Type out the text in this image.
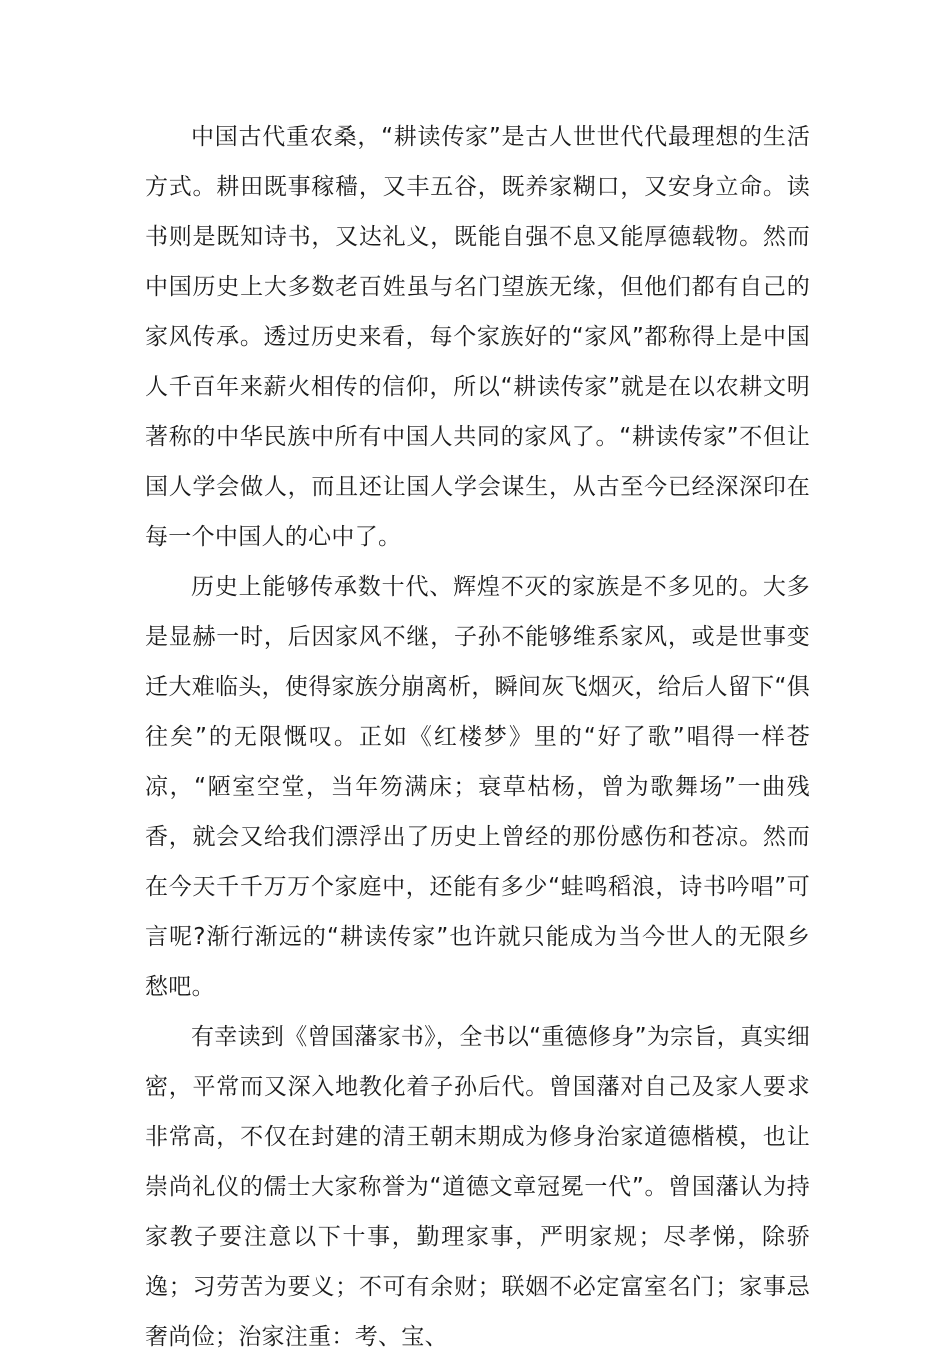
中国古代重农桑，“耕读传家”是古人世世代代最理想的生活方式。耕田既事稼穑，又丰五谷，既养家糊口，又安身立命。读书则是既知诗书，又达礼义，既能自强不息又能厚德载物。然而中国历史上大多数老百姓虽与名门望族无缘，但他们都有自己的家风传承。透过历史来看，每个家族好的“家风”都称得上是中国人千百年来薪火相传的信仰，所以“耕读传家”就是在以农耕文明著称的中华民族中所有中国人共同的家风了。“耕读传家”不但让国人学会做人，而且还让国人学会谋生，从古至今已经深深印在每一个中国人的心中了。

历史上能够传承数十代、辉煌不灭的家族是不多见的。大多是显赫一时，后因家风不继，子孙不能够维系家风，或是世事变迁大难临头，使得家族分崩离析，瞬间灰飞烟灭，给后人留下“俱往矣”的无限慨叹。正如《红楼梦》里的“好了歌”唱得一样苍凉，“陋室空堂，当年笏满床；衰草枯杨，曾为歌舞场”一曲残香，就会又给我们漂浮出了历史上曾经的那份感伤和苍凉。然而在今天千千万万个家庭中，还能有多少“蛙鸣稻浪，诗书吟唱”可言呢?渐行渐远的“耕读传家”也许就只能成为当今世人的无限乡愁吧。

有幸读到《曾国藩家书》，全书以“重德修身”为宗旨，真实细密，平常而又深入地教化着子孙后代。曾国藩对自己及家人要求非常高，不仅在封建的清王朝末期成为修身治家道德楷模，也让崇尚礼仪的儒士大家称誉为“道德文章冠冕一代”。曾国藩认为持家教子要注意以下十事，勤理家事，严明家规；尽孝悌，除骄逸；习劳苦为要义；不可有余财；联姻不必定富室名门；家事忌奢尚俭；治家注重：考、宝、
